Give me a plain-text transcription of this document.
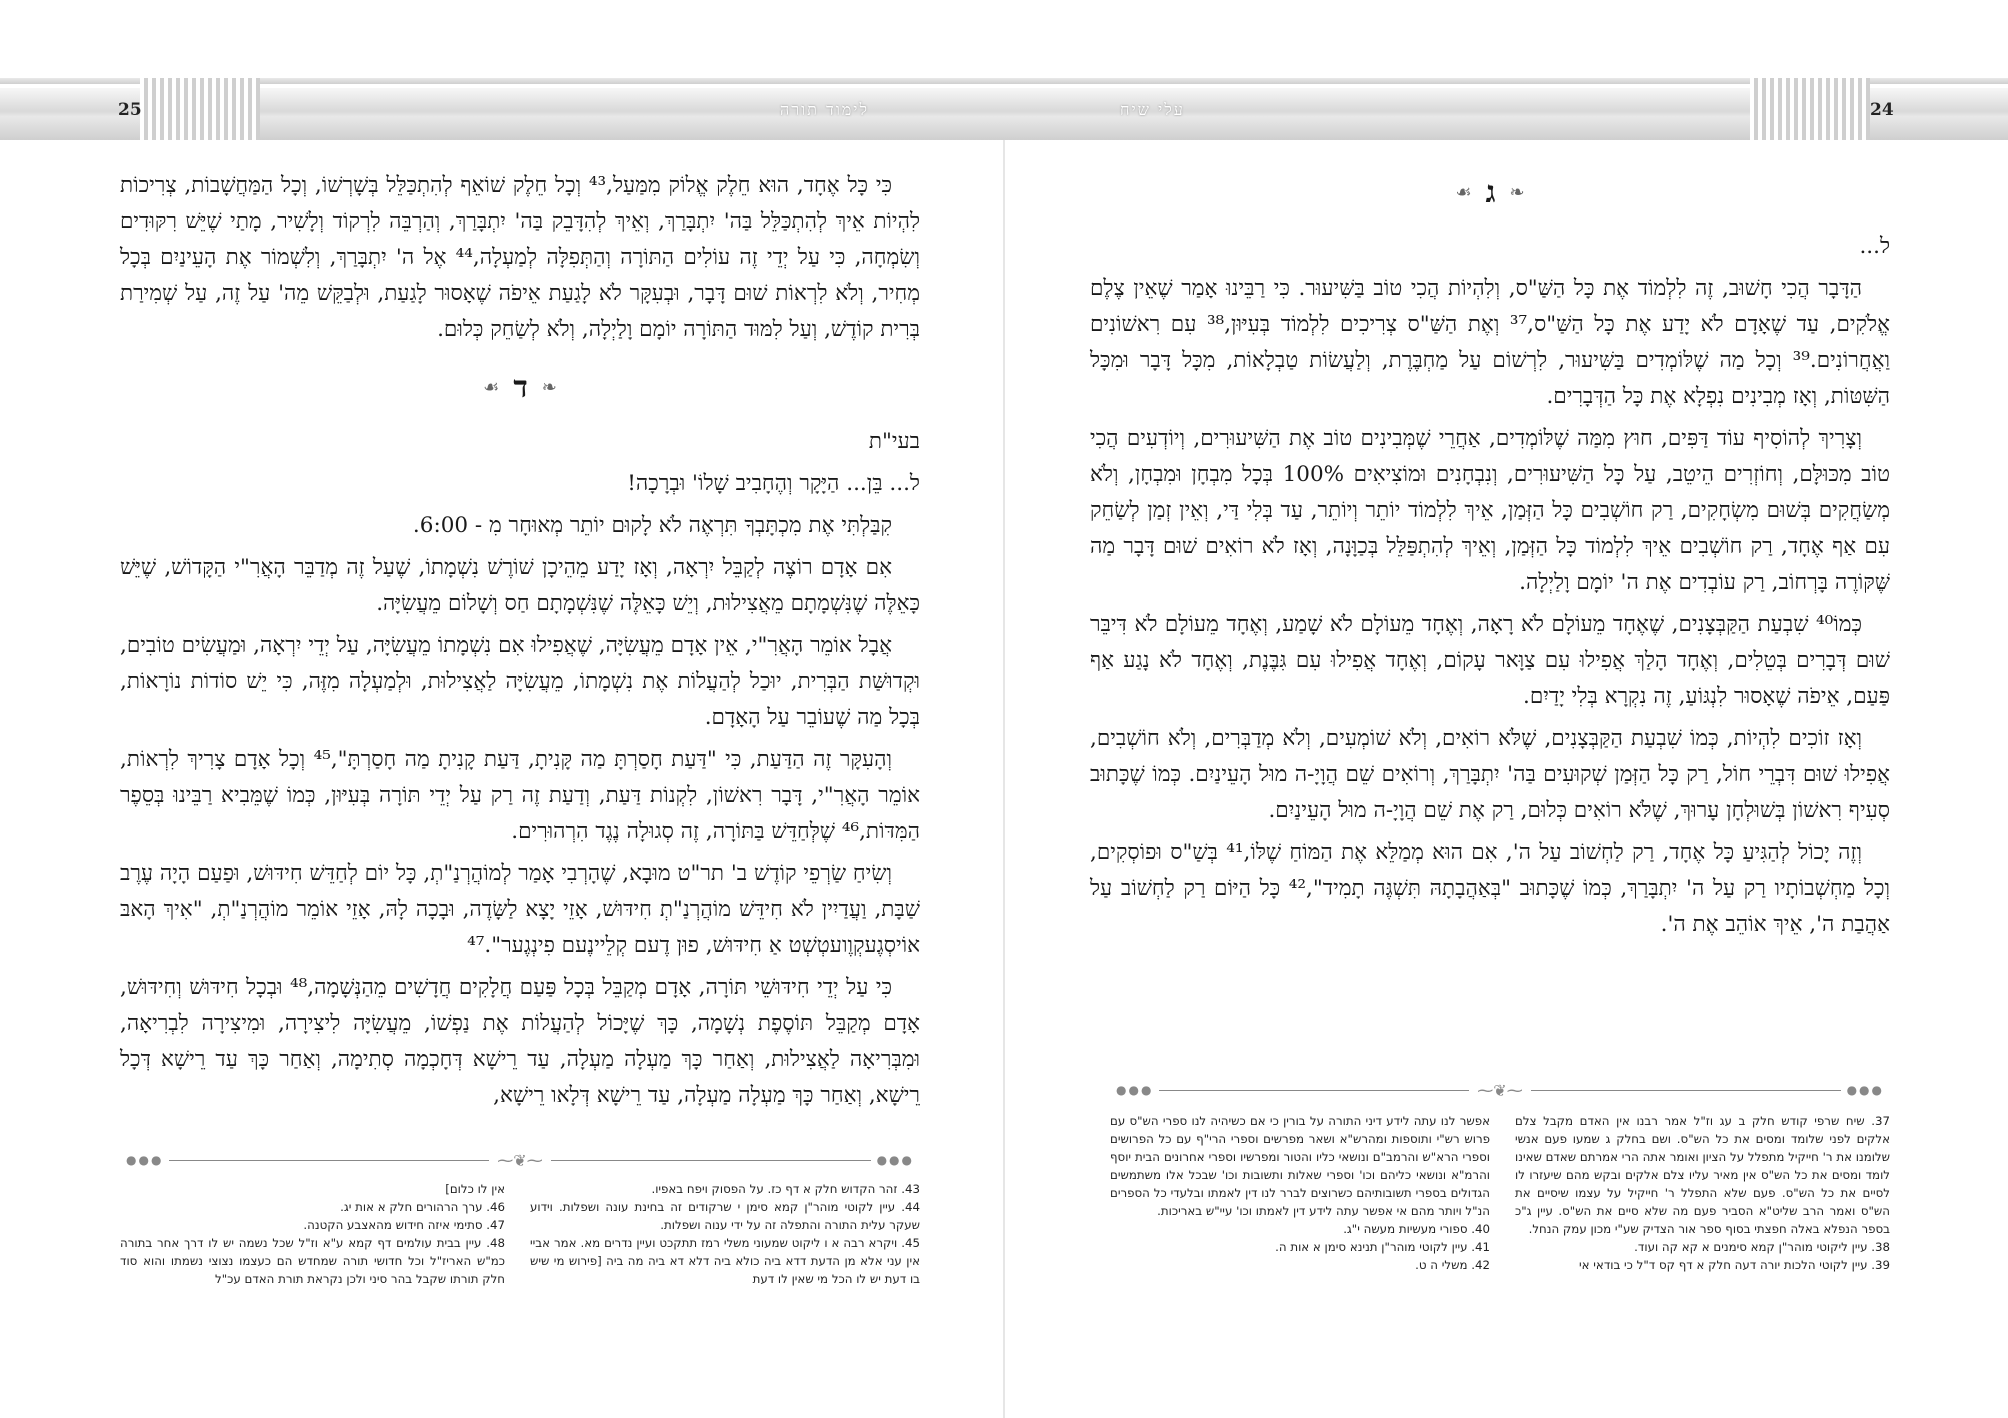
25	לימוד תורה	עלי שיח	24
❧
ג
☙

ל...

הַדָּבָר הֲכִי חָשׁוּב, זֶה לִלְמוֹד אֶת כָּל הַשַּׁ"ס, וְלִהְיוֹת הֲכִי טוֹב בַּשִּׁיעוּר. כִּי רַבֵּינוּ אָמַר שֶׁאֵין צֶלֶם אֱלֹקִים, עַד שֶׁאָדָם לֹא יָדַע אֶת כָּל הַשַּׁ"ס,³⁷ וְאֶת הַשַּׁ"ס צְרִיכִים לִלְמוֹד בְּעִיּוּן,³⁸ עִם רִאשׁוֹנִים וַאֲחֲרוֹנִים.³⁹ וְכָל מַה שֶׁלּוֹמְדִים בַּשִּׁיעוּר, לִרְשׁוֹם עַל מַחְבֶּרֶת, וְלַעֲשׂוֹת טַבְלָאוֹת, מִכָּל דָּבָר וּמִכָּל הַשִּׁטּוֹת, וְאָז מְבִינִים נִפְלָא אֶת כָּל הַדְּבָרִים.

וְצָרִיךְ לְהוֹסִיף עוֹד דַּפִּים, חוּץ מִמַּה שֶׁלּוֹמְדִים, אַחֲרֵי שֶׁמְּבִינִים טוֹב אֶת הַשִּׁיעוּרִים, וְיוֹדְעִים הֲכִי טוֹב מִכּוּלָּם, וְחוֹזְרִים הֵיטֵב, עַל כָּל הַשִּׁיעוּרִים, וְנִבְחָנִים וּמוֹצִיאִים 100% בְּכָל מִבְחָן וּמִבְחָן, וְלֹא מְשַׂחֲקִים בְּשׁוּם מִשְׂחָקִים, רַק חוֹשְׁבִים כָּל הַזְּמַן, אֵיךְ לִלְמוֹד יוֹתֵר וְיוֹתֵר, עַד בְּלִי דַּי, וְאֵין זְמַן לְשַׂחֵק עִם אַף אֶחָד, רַק חוֹשְׁבִים אֵיךְ לִלְמוֹד כָּל הַזְּמַן, וְאֵיךְ לְהִתְפַּלֵּל בְּכַוָּנָה, וְאָז לֹא רוֹאִים שׁוּם דָּבָר מַה שֶּׁקּוֹרֶה בָּרְחוֹב, רַק עוֹבְדִים אֶת ה' יוֹמָם וָלַיְלָה.

כְּמוֹ⁴⁰ שִׁבְעַת הַקַּבְּצָנִים, שֶׁאֶחָד מֵעוֹלָם לֹא רָאָה, וְאֶחָד מֵעוֹלָם לֹא שָׁמַע, וְאֶחָד מֵעוֹלָם לֹא דִּיבֵּר שׁוּם דְּבָרִים בְּטֵלִים, וְאֶחָד הָלַךְ אֲפִילוּ עִם צַוָּאר עָקוֹם, וְאֶחָד אֲפִילוּ עִם גִּבֶּנֶת, וְאֶחָד לֹא נָגַע אַף פַּעַם, אֵיפֹה שֶׁאָסוּר לִנְגּוֹעַ, זֶה נִקְרָא בְּלִי יָדַיִם.

וְאָז זוֹכִים לִהְיוֹת, כְּמוֹ שִׁבְעַת הַקַּבְּצָנִים, שֶׁלֹּא רוֹאִים, וְלֹא שׁוֹמְעִים, וְלֹא מְדַבְּרִים, וְלֹא חוֹשְׁבִים, אֲפִילוּ שׁוּם דִּבְרֵי חוֹל, רַק כָּל הַזְּמַן שְׁקוּעִים בַּה' יִתְבָּרַךְ, וְרוֹאִים שֵׁם הֲוָיָ-ה מוּל הָעֵינַיִם. כְּמוֹ שֶׁכָּתוּב סְעִיף רִאשׁוֹן בְּשׁוּלְחָן עָרוּךְ, שֶׁלֹּא רוֹאִים כְּלוּם, רַק אֶת שֵׁם הֲוָיָ-ה מוּל הָעֵינַיִם.

וְזֶה יָכוֹל לְהַגִּיעַ כָּל אֶחָד, רַק לַחְשׁוֹב עַל ה', אִם הוּא מְמַלֵּא אֶת הַמּוֹחַ שֶׁלּוֹ,⁴¹ בְּשַׁ"ס וּפוֹסְקִים, וְכָל מַחְשְׁבוֹתָיו רַק עַל ה' יִתְבָּרַךְ, כְּמוֹ שֶׁכָּתוּב "בְּאַהֲבָתָהּ תִּשְׁגֶּה תָמִיד",⁴² כָּל הַיּוֹם רַק לַחְשׁוֹב עַל אַהֲבַת ה', אֵיךְ אוֹהֵב אֶת ה'.

●●●	⁓❦⁓	●●●
37. שיח שרפי קודש חלק ב עג וז"ל אמר רבנו אין האדם מקבל צלם אלקים לפני שלומד ומסים את כל הש"ס. ושם בחלק ג שמעו פעם אנשי שלומנו את ר' חייקיל מתפלל על הציון ואומר אתה הרי אמרתם שאדם שאינו לומד ומסים את כל הש"ס אין מאיר עליו צלם אלקים ובקש מהם שיעזרו לו לסיים את כל הש"ס. פעם שלא התפלל ר' חייקיל על עצמו שיסיים את הש"ס ואמר הרב שליט"א הסביר פעם מה שלא סיים את הש"ס. עיין ג"כ בספר הנפלא באלה חפצתי בסוף ספר אור הצדיק שע"י מכון עמק הנחל.
38. עיין ליקוטי מוהר"ן קמא סימנים א קא קה ועוד.
39. עיין לקוטי הלכות יורה דעה חלק א דף קס ד"ל כי בודאי אי
אפשר לנו עתה לידע דיני התורה על בורין כי אם כשיהיה לנו ספרי הש"ס עם פרוש רש"י ותוספות ומהרש"א ושאר מפרשים וספרי הרי"ף עם כל הפרושים וספרי הרא"ש והרמב"ם ונושאי כליו והטור ומפרשיו וספרי אחרונים הבית יוסף והרמ"א ונושאי כליהם וכו' וספרי שאלות ותשובות וכו' שבכל אלו משתמשים הגדולים בספרי תשובותיהם כשרוצים לברר לנו דין לאמתו ובלעדי כל הספרים הנ"ל ויותר מהם אי אפשר עתה לידע דין לאמתו וכו' עיי"ש באריכות.
40. ספורי מעשיות מעשה י"ג.
41. עיין לקוטי מוהר"ן תנינא סימן א אות ה.
42. משלי ה ט.

כִּי כָּל אֶחָד, הוּא חֵלֶק אֱלוֹק מִמַּעַל,⁴³ וְכָל חֵלֶק שׁוֹאֵף לְהִתְכַּלֵּל בְּשָׁרְשׁוֹ, וְכָל הַמַּחֲשָׁבוֹת, צְרִיכוֹת לִהְיוֹת אֵיךְ לְהִתְכַּלֵּל בַּה' יִתְבָּרַךְ, וְאֵיךְ לְהִדָּבֵק בַּה' יִתְבָּרַךְ, וְהַרְבֵּה לִרְקוֹד וְלָשִׁיר, מָתַי שֶׁיֵּשׁ רִקּוּדִים וְשִׂמְחָה, כִּי עַל יְדֵי זֶה עוֹלִים הַתּוֹרָה וְהַתְּפִלָּה לְמַעְלָה,⁴⁴ אֶל ה' יִתְבָּרַךְ, וְלִשְׁמוֹר אֶת הָעֵינַיִם בְּכָל מְחִיר, וְלֹא לִרְאוֹת שׁוּם דָּבָר, וּבְעִקָּר לֹא לָגַעַת אֵיפֹה שֶׁאָסוּר לָגַעַת, וּלְבַקֵּשׁ מֵה' עַל זֶה, עַל שְׁמִירַת בְּרִית קוֹדֶשׁ, וְעַל לִמּוּד הַתּוֹרָה יוֹמָם וָלַיְלָה, וְלֹא לְשַׂחֵק כְּלוּם.

❧
ד
☙

בעי"ת

ל... בֵּן... הַיָּקָר וְהֶחָבִיב שָׁלוֹ' וּבְרָכָה!

קִבַּלְתִּי אֶת מִכְתָּבְךָ תִּרְאֶה לֹא לָקוּם יוֹתֵר מְאוּחָר מִ - 6:00.

אִם אָדָם רוֹצֶה לְקַבֵּל יִרְאָה, וְאָז יָדַע מֵהֵיכָן שׁוֹרֶשׁ נִשְׁמָתוֹ, שֶׁעַל זֶה מְדַבֵּר הָאֲרִ"י הַקָּדוֹשׁ, שֶׁיֵּשׁ כָּאֵלֶּה שֶׁנִּשְׁמָתָם מֵאֲצִילוּת, וְיֵשׁ כָּאֵלֶּה שֶׁנִּשְׁמָתָם חַס וְשָׁלוֹם מֵעֲשִׂיָּה.

אֲבָל אוֹמֵר הָאֲרִ"י, אֵין אָדָם מֵעֲשִׂיָּה, שֶׁאֲפִילוּ אִם נִשְׁמָתוֹ מֵעֲשִׂיָּה, עַל יְדֵי יִרְאָה, וּמַעֲשִׂים טוֹבִים, וּקְדוּשַּׁת הַבְּרִית, יוּכַל לְהַעֲלוֹת אֶת נִשְׁמָתוֹ, מֵעֲשִׂיָּה לַאֲצִילוּת, וּלְמַעְלָה מִזֶּה, כִּי יֵשׁ סוֹדוֹת נוֹרָאוֹת, בְּכָל מַה שֶׁעוֹבֵר עַל הָאָדָם.

וְהָעִקָּר זֶה הַדַּעַת, כִּי "דַּעַת חָסַרְתָּ מַה קָּנִיתָ, דַּעַת קָנִיתָ מַה חָסַרְתָּ",⁴⁵ וְכָל אָדָם צָרִיךְ לִרְאוֹת, אוֹמֵר הָאֲרִ"י, דָּבָר רִאשׁוֹן, לִקְנוֹת דַּעַת, וְדַעַת זֶה רַק עַל יְדֵי תּוֹרָה בְּעִיּוּן, כְּמוֹ שֶׁמֵּבִיא רַבֵּינוּ בְּסֵפֶר הַמִּדּוֹת,⁴⁶ שֶׁלְּחַדֵּשׁ בַּתּוֹרָה, זֶה סְגוּלָה נֶגֶד הִרְהוּרִים.

וְשִׂיחַ שַׂרְפֵי קוֹדֶשׁ ב' תר"ט מוּבָא, שֶׁהָרְבִי אָמַר לְמוֹהֲרְנַ"תְ, כָּל יוֹם לְחַדֵּשׁ חִידּוּשׁ, וּפַעַם הָיָה עֶרֶב שַׁבָּת, וַעֲדַיִין לֹא חִידֵּשׁ מוֹהֲרְנַ"תְ חִידּוּשׁ, אָזֵי יָצָא לַשָּׂדֶה, וּבָכָה לָהּ, אָזֵי אוֹמֵר מוֹהֲרְנַ"תְ, "אִיךְ הָאבּ אוֹיסְגֶעקְוֶועטְשְׁט אַ חִידּוּשׁ, פוּן דֶעם קְלֵיינֶעם פִינְגֶער".⁴⁷

כִּי עַל יְדֵי חִידּוּשֵׁי תּוֹרָה, אָדָם מְקַבֵּל בְּכָל פַּעַם חֲלָקִים חֲדָשִׁים מֵהַנְּשָׁמָה,⁴⁸ וּבְכָל חִידּוּשׁ וְחִידּוּשׁ, אָדָם מְקַבֵּל תּוֹסֶפֶת נְשָׁמָה, כָּךְ שֶׁיָּכוֹל לְהַעֲלוֹת אֶת נַפְשׁוֹ, מֵעֲשִׂיָּה לִיצִירָה, וּמִיצִירָה לִבְרִיאָה, וּמִבְּרִיאָה לַאֲצִילוּת, וְאַחַר כָּךְ מַעְלָה מַעְלָה, עַד רֵישָׁא דְּחָכְמָה סְתִימָה, וְאַחַר כָּךְ עַד רֵישָׁא דְּכָל רֵישָׁא, וְאַחַר כָּךְ מַעְלָה מַעְלָה, עַד רֵישָׁא דְּלָאו רֵישָׁא,

●●●	⁓❦⁓	●●●
43. זהר הקדוש חלק א דף כז. על הפסוק ויפח באפיו.
44. עיין לקוטי מוהר"ן קמא סימן י שרקודים זה בחינת עונה ושפלות. וידוע שעקר עלית התורה והתפלה זה על ידי ענוה ושפלות.
45. ויקרא רבה א ו ליקוט שמעוני משלי רמז תתקכט ועיין נדרים מא. אמר אביי אין עני אלא מן הדעת דדא ביה כולא ביה דלא דא ביה מה ביה [פירוש מי שיש בו דעת יש לו הכל מי שאין לו דעת
אין לו כלום]
46. ערך הרהורים חלק א אות יג.
47. סתימי איזה חידוש מהאצבע הקטנה.
48. עיין בבית עולמים דף קמא ע"א וז"ל שכל נשמה יש לו דרך אחר בתורה כמ"ש האריז"ל וכל חדושי תורה שמחדש הם כעצמו נצוצי נשמתו והוא סוד חלק תורתו שקבל בהר סיני ולכן נקראת תורת האדם עכ"ל
